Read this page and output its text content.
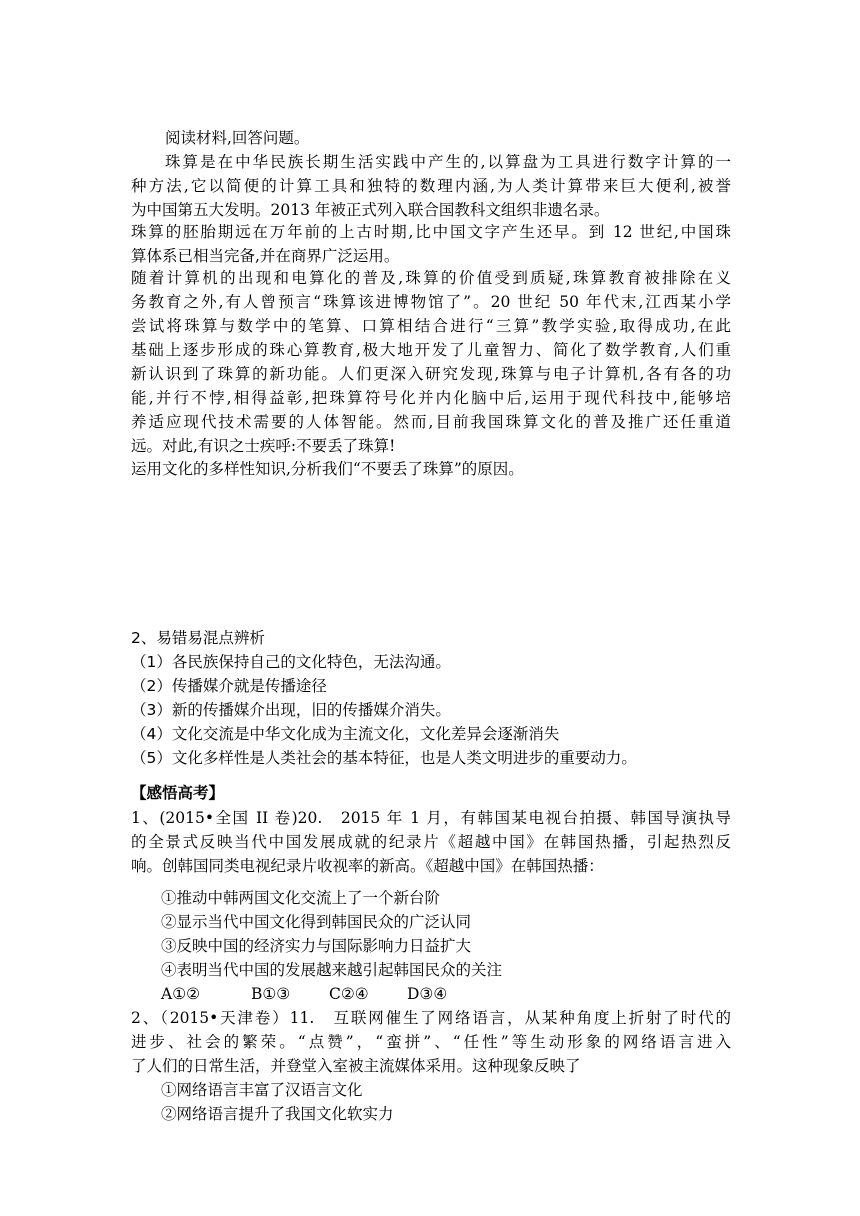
阅读材料,回答问题。
珠算是在中华民族长期生活实践中产生的,以算盘为工具进行数字计算的一
种方法,它以简便的计算工具和独特的数理内涵,为人类计算带来巨大便利,被誉
为中国第五大发明。2013 年被正式列入联合国教科文组织非遗名录。
珠算的胚胎期远在万年前的上古时期,比中国文字产生还早。到 12 世纪,中国珠
算体系已相当完备,并在商界广泛运用。
随着计算机的出现和电算化的普及,珠算的价值受到质疑,珠算教育被排除在义
务教育之外,有人曾预言“珠算该进博物馆了”。20 世纪 50 年代末,江西某小学
尝试将珠算与数学中的笔算、口算相结合进行“三算”教学实验,取得成功,在此
基础上逐步形成的珠心算教育,极大地开发了儿童智力、简化了数学教育,人们重
新认识到了珠算的新功能。人们更深入研究发现,珠算与电子计算机,各有各的功
能,并行不悖,相得益彰,把珠算符号化并内化脑中后,运用于现代科技中,能够培
养适应现代技术需要的人体智能。然而,目前我国珠算文化的普及推广还任重道
远。对此,有识之士疾呼:不要丢了珠算!
运用文化的多样性知识,分析我们“不要丢了珠算”的原因。
2、易错易混点辨析
（1）各民族保持自己的文化特色，无法沟通。
（2）传播媒介就是传播途径
（3）新的传播媒介出现，旧的传播媒介消失。
（4）文化交流是中华文化成为主流文化，文化差异会逐渐消失
（5）文化多样性是人类社会的基本特征，也是人类文明进步的重要动力。
【感悟高考】
1、(2015•全国 II 卷)20.　2015 年 1 月，有韩国某电视台拍摄、韩国导演执导
的全景式反映当代中国发展成就的纪录片《超越中国》在韩国热播，引起热烈反
响。创韩国同类电视纪录片收视率的新高。《超越中国》在韩国热播：
①推动中韩两国文化交流上了一个新台阶
②显示当代中国文化得到韩国民众的广泛认同
③反映中国的经济实力与国际影响力日益扩大
④表明当代中国的发展越来越引起韩国民众的关注
A①②	B①③	C②④ D③④
2、（2015•天津卷）11.　互联网催生了网络语言，从某种角度上折射了时代的
进步、社会的繁荣。“点赞”，“蛮拼”、“任性”等生动形象的网络语言进入
了人们的日常生活，并登堂入室被主流媒体采用。这种现象反映了
①网络语言丰富了汉语言文化
②网络语言提升了我国文化软实力
